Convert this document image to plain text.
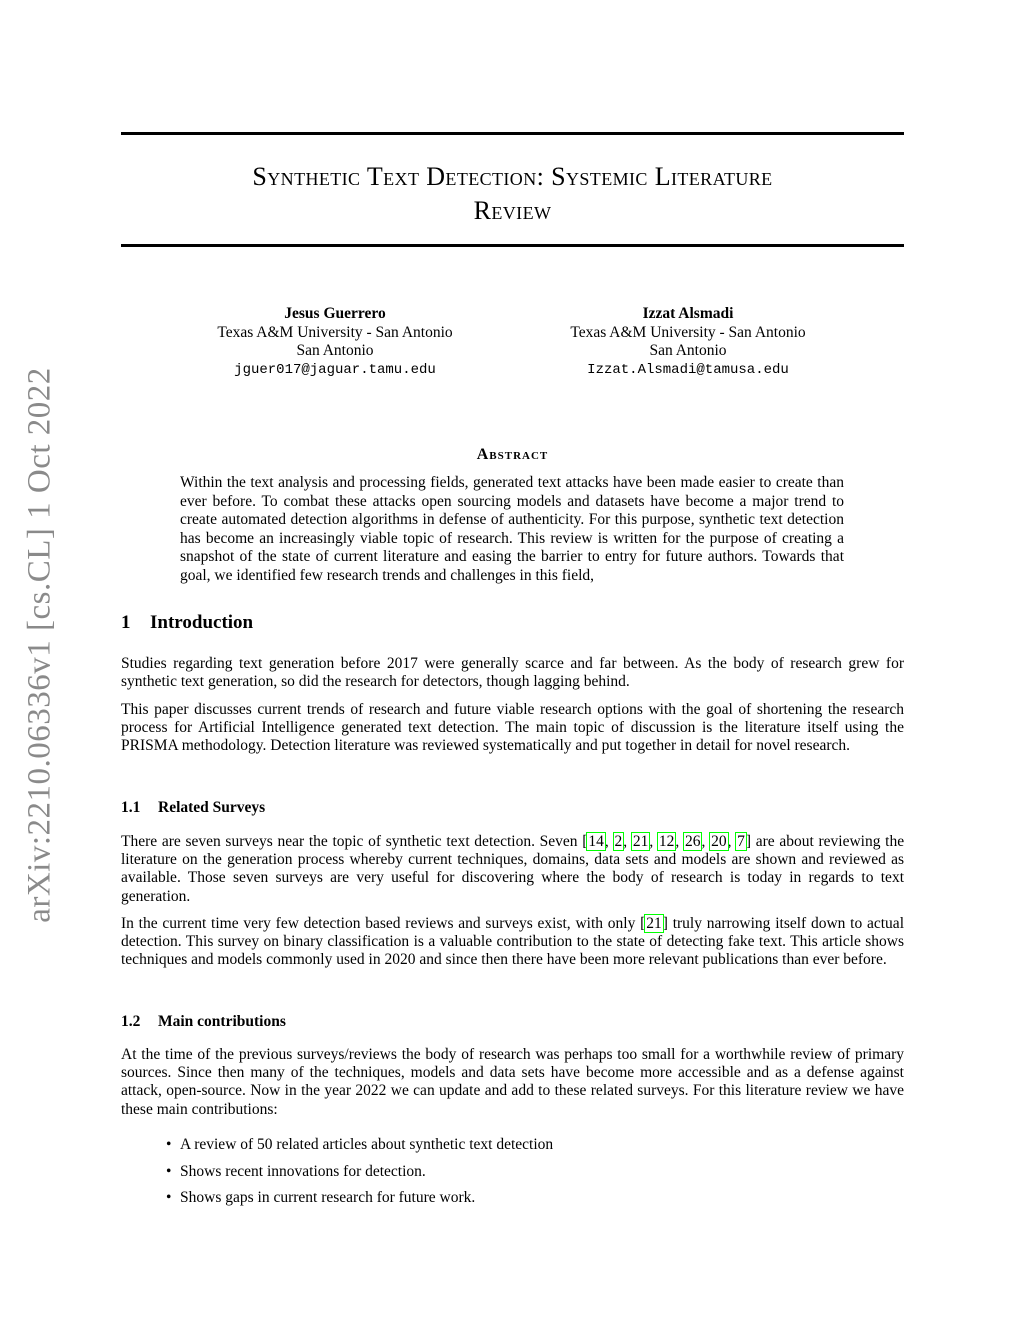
arXiv:2210.06336v1 [cs.CL] 1 Oct 2022
Synthetic Text Detection: Systemic Literature
Review
Jesus Guerrero
Texas A&M University - San Antonio
San Antonio
jguer017@jaguar.tamu.edu
Izzat Alsmadi
Texas A&M University - San Antonio
San Antonio
Izzat.Alsmadi@tamusa.edu
Abstract
Within the text analysis and processing fields, generated text attacks have been made easier to create than ever before. To combat these attacks open sourcing models and datasets have become a major trend to create automated detection algorithms in defense of authenticity. For this purpose, synthetic text detection has become an increasingly viable topic of research. This review is written for the purpose of creating a snapshot of the state of current literature and easing the barrier to entry for future authors. Towards that goal, we identified few research trends and challenges in this field,
1 Introduction
Studies regarding text generation before 2017 were generally scarce and far between. As the body of research grew for synthetic text generation, so did the research for detectors, though lagging behind.
This paper discusses current trends of research and future viable research options with the goal of shortening the research process for Artificial Intelligence generated text detection. The main topic of discussion is the literature itself using the PRISMA methodology. Detection literature was reviewed systematically and put together in detail for novel research.
1.1 Related Surveys
There are seven surveys near the topic of synthetic text detection. Seven [14, 2, 21, 12, 26, 20, 7] are about reviewing the literature on the generation process whereby current techniques, domains, data sets and models are shown and reviewed as available. Those seven surveys are very useful for discovering where the body of research is today in regards to text generation.
In the current time very few detection based reviews and surveys exist, with only [21] truly narrowing itself down to actual detection. This survey on binary classification is a valuable contribution to the state of detecting fake text. This article shows techniques and models commonly used in 2020 and since then there have been more relevant publications than ever before.
1.2 Main contributions
At the time of the previous surveys/reviews the body of research was perhaps too small for a worthwhile review of primary sources. Since then many of the techniques, models and data sets have become more accessible and as a defense against attack, open-source. Now in the year 2022 we can update and add to these related surveys. For this literature review we have these main contributions:
• A review of 50 related articles about synthetic text detection
• Shows recent innovations for detection.
• Shows gaps in current research for future work.
